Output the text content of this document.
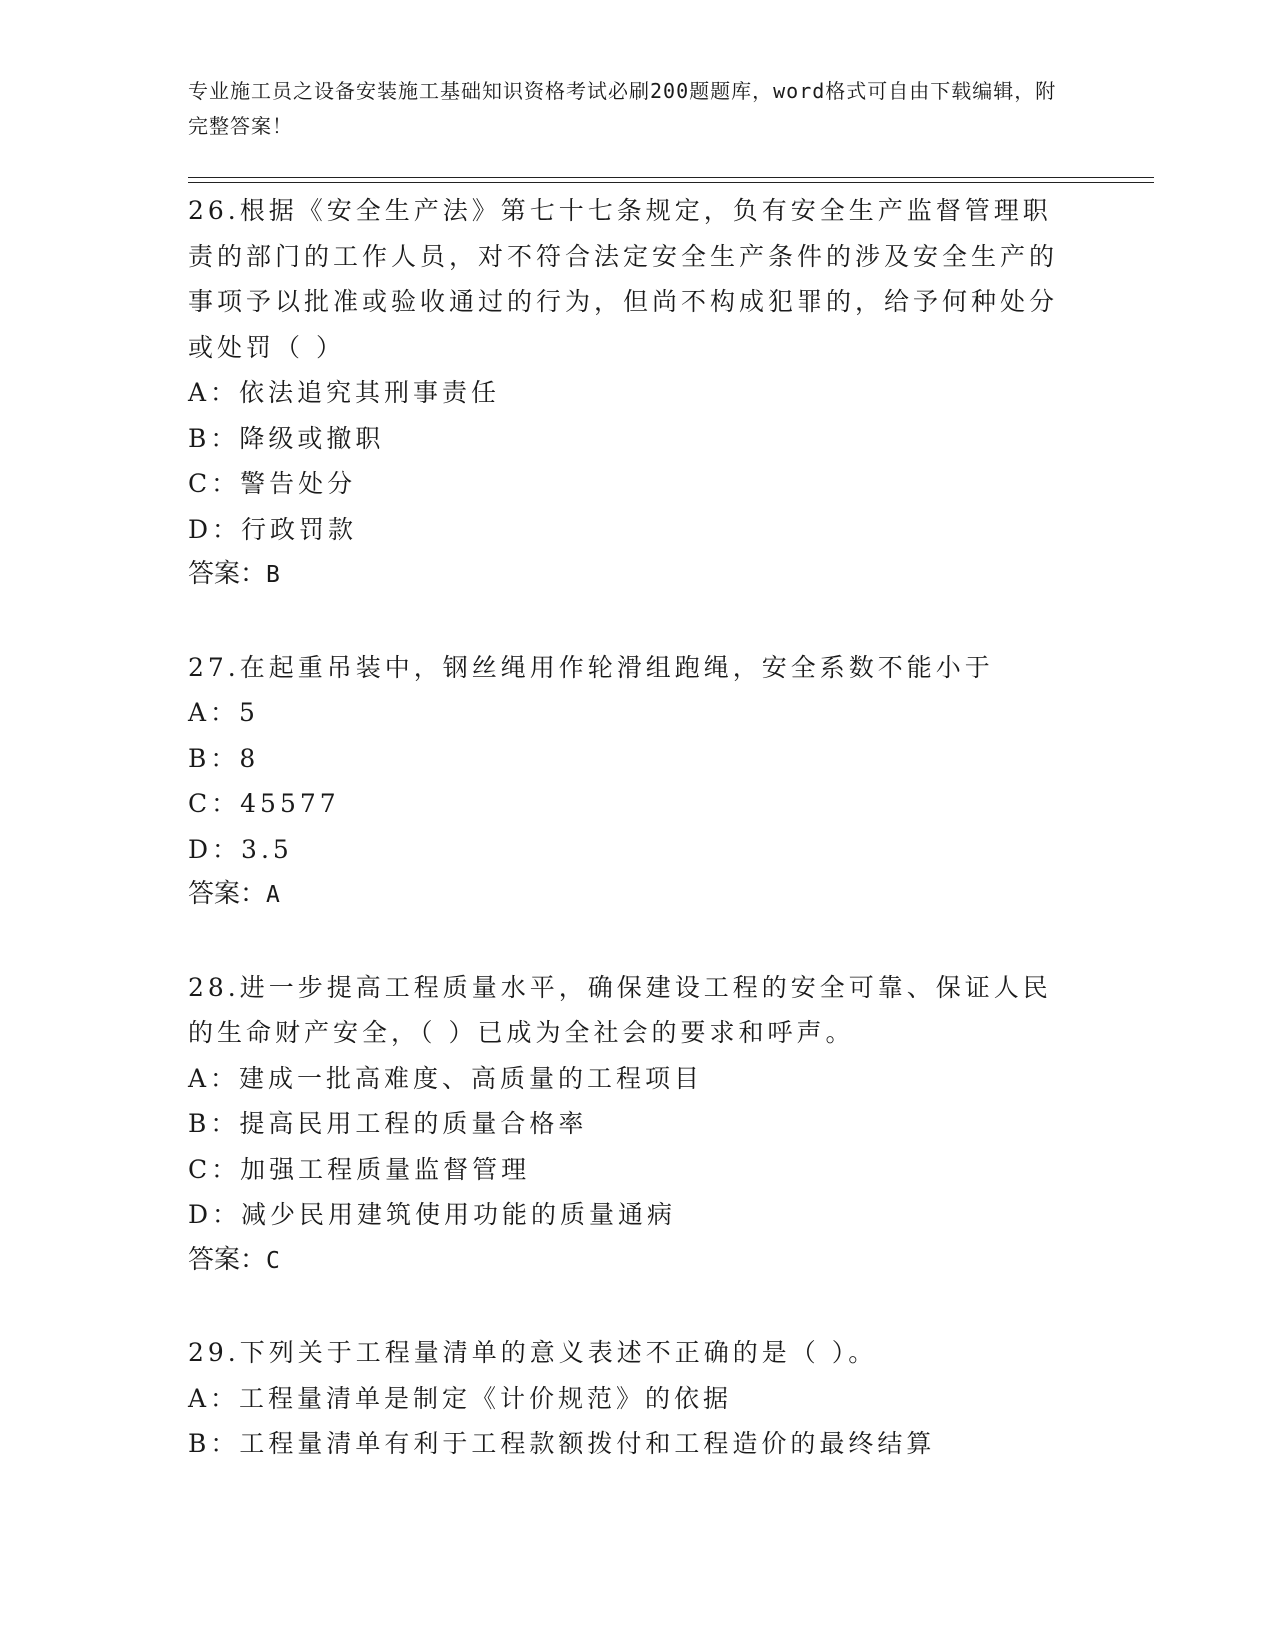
专业施工员之设备安装施工基础知识资格考试必刷200题题库，word格式可自由下载编辑，附完整答案！

26.根据《安全生产法》第七十七条规定，负有安全生产监督管理职责的部门的工作人员，对不符合法定安全生产条件的涉及安全生产的事项予以批准或验收通过的行为，但尚不构成犯罪的，给予何种处分或处罚（ ）

A：依法追究其刑事责任

B：降级或撤职

C：警告处分

D：行政罚款

答案：B

27.在起重吊装中，钢丝绳用作轮滑组跑绳，安全系数不能小于

A：5

B：8

C：45577

D：3.5

答案：A

28.进一步提高工程质量水平，确保建设工程的安全可靠、保证人民的生命财产安全，（ ）已成为全社会的要求和呼声。

A：建成一批高难度、高质量的工程项目

B：提高民用工程的质量合格率

C：加强工程质量监督管理

D：减少民用建筑使用功能的质量通病

答案：C

29.下列关于工程量清单的意义表述不正确的是（ ）。

A：工程量清单是制定《计价规范》的依据

B：工程量清单有利于工程款额拨付和工程造价的最终结算
